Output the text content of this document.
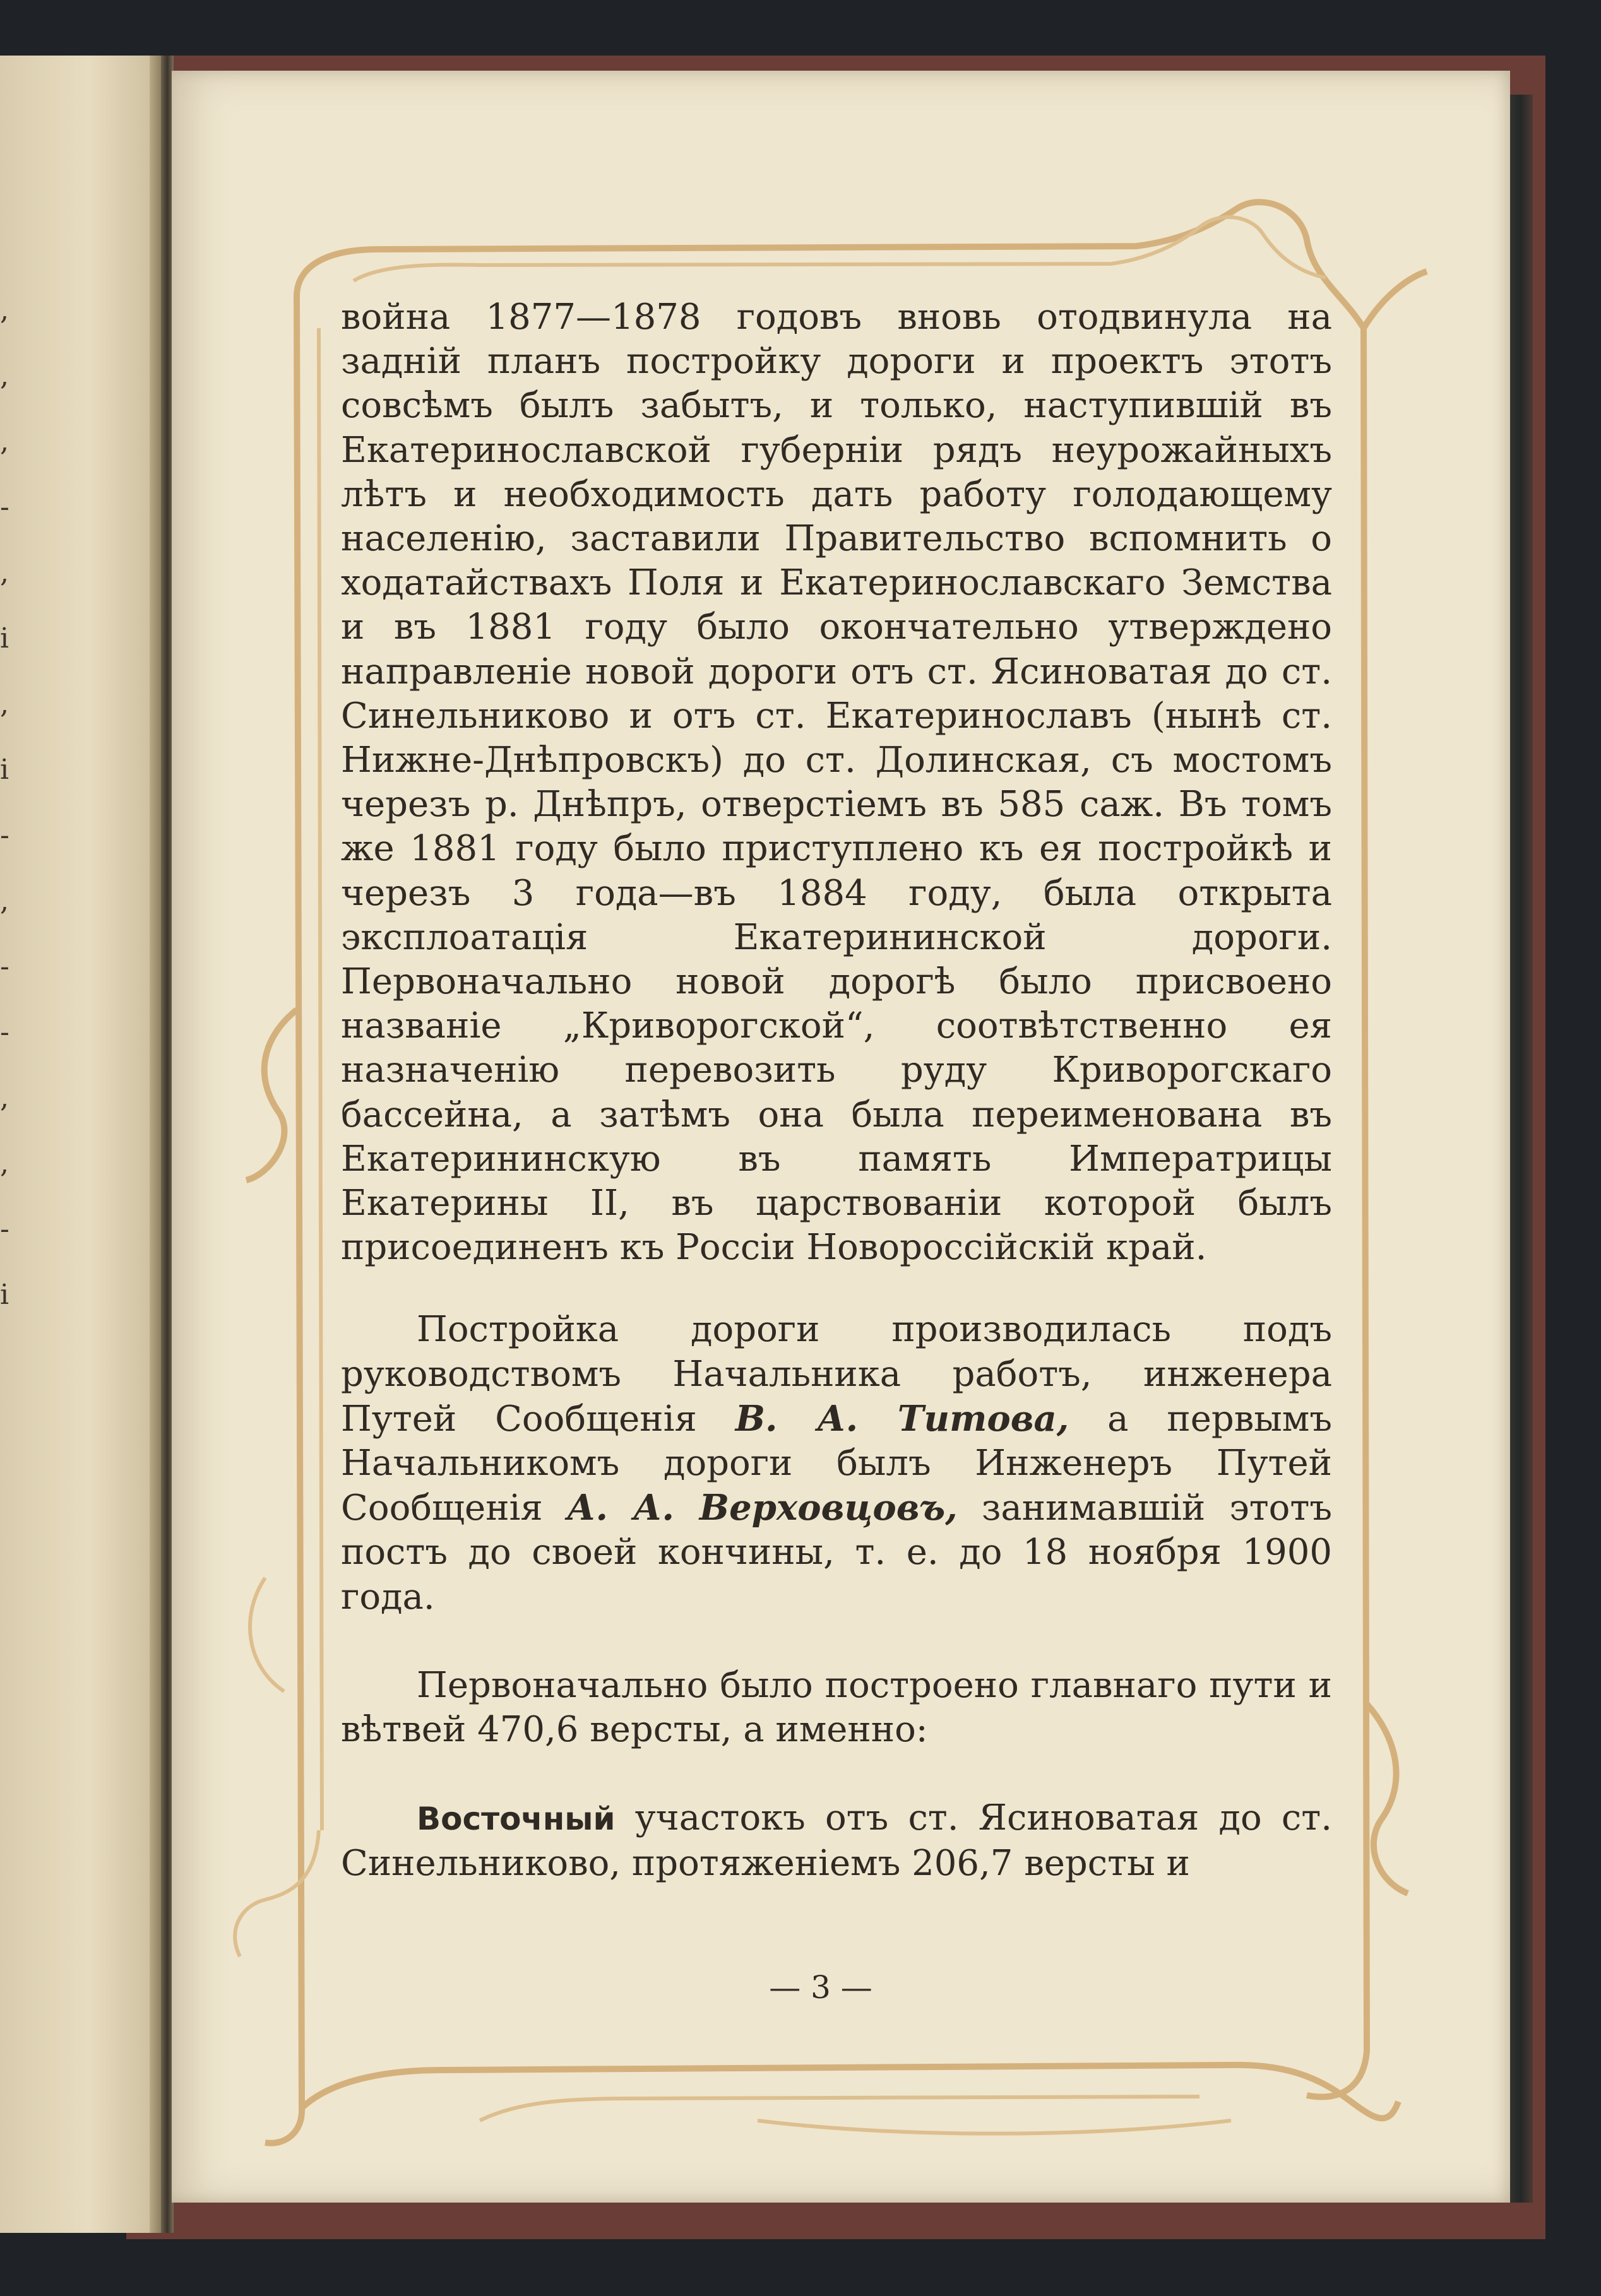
,
,
,
-
,
і
,
і
-
,
-
-
,
,
-
і

война 1877—1878 годовъ вновь отодвинула на задній планъ постройку дороги и проектъ этотъ совсѣмъ былъ забытъ, и только, наступившій въ Екатеринославской губерніи рядъ неурожайныхъ лѣтъ и необходимость дать работу голодающему населенію, заставили Правительство вспомнить о ходатайствахъ Поля и Екатеринославскаго Земства и въ 1881 году было окончательно утверждено направленіе новой дороги отъ ст. Ясиноватая до ст. Синельниково и отъ ст. Екатеринославъ (нынѣ ст. Нижне-Днѣпровскъ) до ст. Долинская, съ мостомъ черезъ р. Днѣпръ, отверстіемъ въ 585 саж. Въ томъ же 1881 году было приступлено къ ея постройкѣ и черезъ 3 года—въ 1884 году, была открыта эксплоатація Екатерининской дороги. Первоначально новой дорогѣ было присвоено названіе „Криворогской“, соотвѣтственно ея назначенію перевозить руду Криворогскаго бассейна, а затѣмъ она была переименована въ Екатерининскую въ память Императрицы Екатерины II, въ царствованіи которой былъ присоединенъ къ Россіи Новороссійскій край.

Постройка дороги производилась подъ руководствомъ Начальника работъ, инженера Путей Сообщенія В. А. Титова, а первымъ Начальникомъ дороги былъ Инженеръ Путей Сообщенія А. А. Верховцовъ, занимавшій этотъ постъ до своей кончины, т. е. до 18 ноября 1900 года.

Первоначально было построено главнаго пути и вѣтвей 470,6 версты, а именно:

Восточный участокъ отъ ст. Ясиноватая до ст. Синельниково, протяженіемъ 206,7 версты и

— 3 —
